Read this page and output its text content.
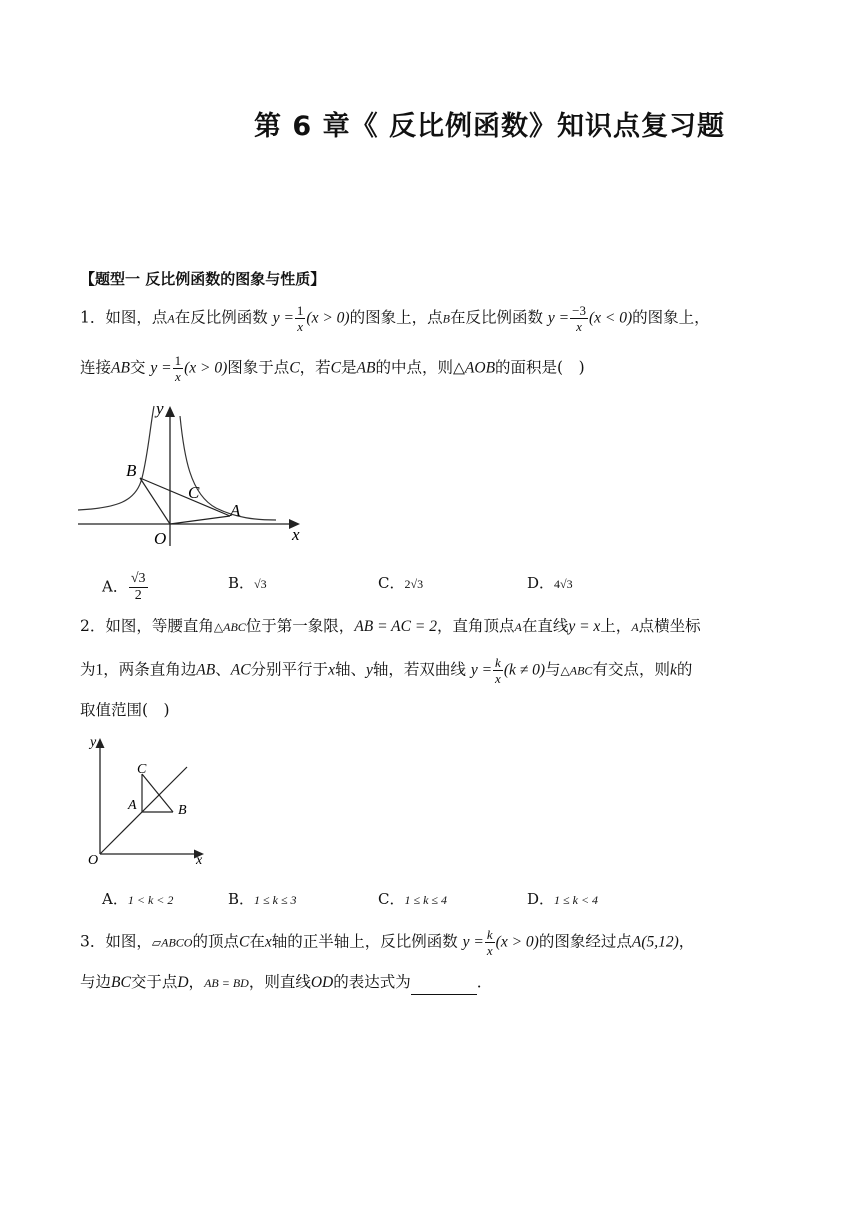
第 6 章《 反比例函数》知识点复习题
【题型一 反比例函数的图象与性质】
1．如图，点A在反比例函数 $y = \frac{1}{x} (x > 0)$的图象上，点B在反比例函数 $y = \frac{-3}{x} (x < 0)$的图象上，
连接AB交 $y = \frac{1}{x} (x > 0)$图象于点C，若C是AB的中点，则△AOB的面积是(　)
y
x
O
B
C
A
A． $\frac{√3}{2}$	B．√3	C．2√3	D．4√3
2．如图，等腰直角△ABC位于第一象限，AB = AC = 2，直角顶点A在直线y = x上，A点横坐标
为1，两条直角边AB、AC分别平行于x轴、y轴，若双曲线 $y = \frac{k}{x} (k \ne 0)$与△ABC有交点，则k的
取值范围(　)
y
x
O
A	B
C
A．1 < k < 2	B．1 ≤ k ≤ 3	C．1 ≤ k ≤ 4	D．1 ≤ k < 4
3．如图，▱ABCO的顶点C在x轴的正半轴上，反比例函数 $y = \frac{k}{x} (x > 0)$的图象经过点A(5,12)，
与边BC交于点D，AB = BD，则直线OD的表达式为	．
